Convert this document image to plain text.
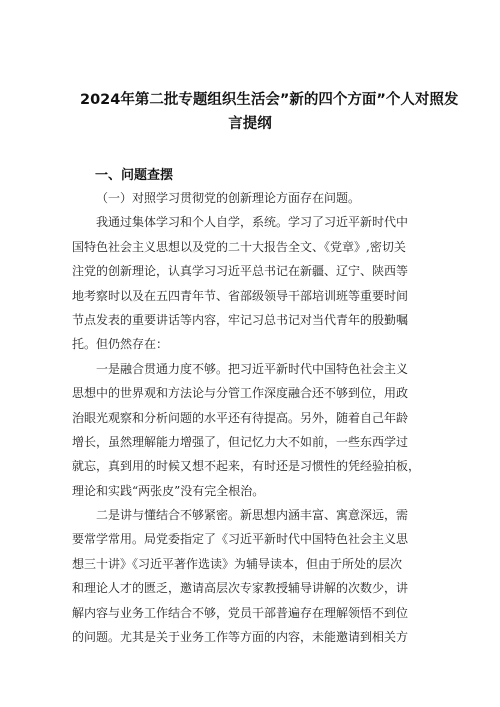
2024年第二批专题组织生活会”新的四个方面”个人对照发
言提纲
一、问题查摆
（一）对照学习贯彻党的创新理论方面存在问题。
我通过集体学习和个人自学，系统。学习了习近平新时代中
国特色社会主义思想以及党的二十大报告全文、《党章》,密切关
注党的创新理论，认真学习习近平总书记在新疆、辽宁、陕西等
地考察时以及在五四青年节、省部级领导干部培训班等重要时间
节点发表的重要讲话等内容，牢记习总书记对当代青年的殷勤嘱
托。但仍然存在：
一是融合贯通力度不够。把习近平新时代中国特色社会主义
思想中的世界观和方法论与分管工作深度融合还不够到位，用政
治眼光观察和分析问题的水平还有待提高。另外，随着自己年龄
增长，虽然理解能力增强了，但记忆力大不如前，一些东西学过
就忘，真到用的时候又想不起来，有时还是习惯性的凭经验拍板，
理论和实践“两张皮”没有完全根治。
二是讲与懂结合不够紧密。新思想内涵丰富、寓意深远，需
要常学常用。局党委指定了《习近平新时代中国特色社会主义思
想三十讲》《习近平著作选读》为辅导读本，但由于所处的层次
和理论人才的匮乏，邀请高层次专家教授辅导讲解的次数少，讲
解内容与业务工作结合不够，党员干部普遍存在理解领悟不到位
的问题。尤其是关于业务工作等方面的内容，未能邀请到相关方
